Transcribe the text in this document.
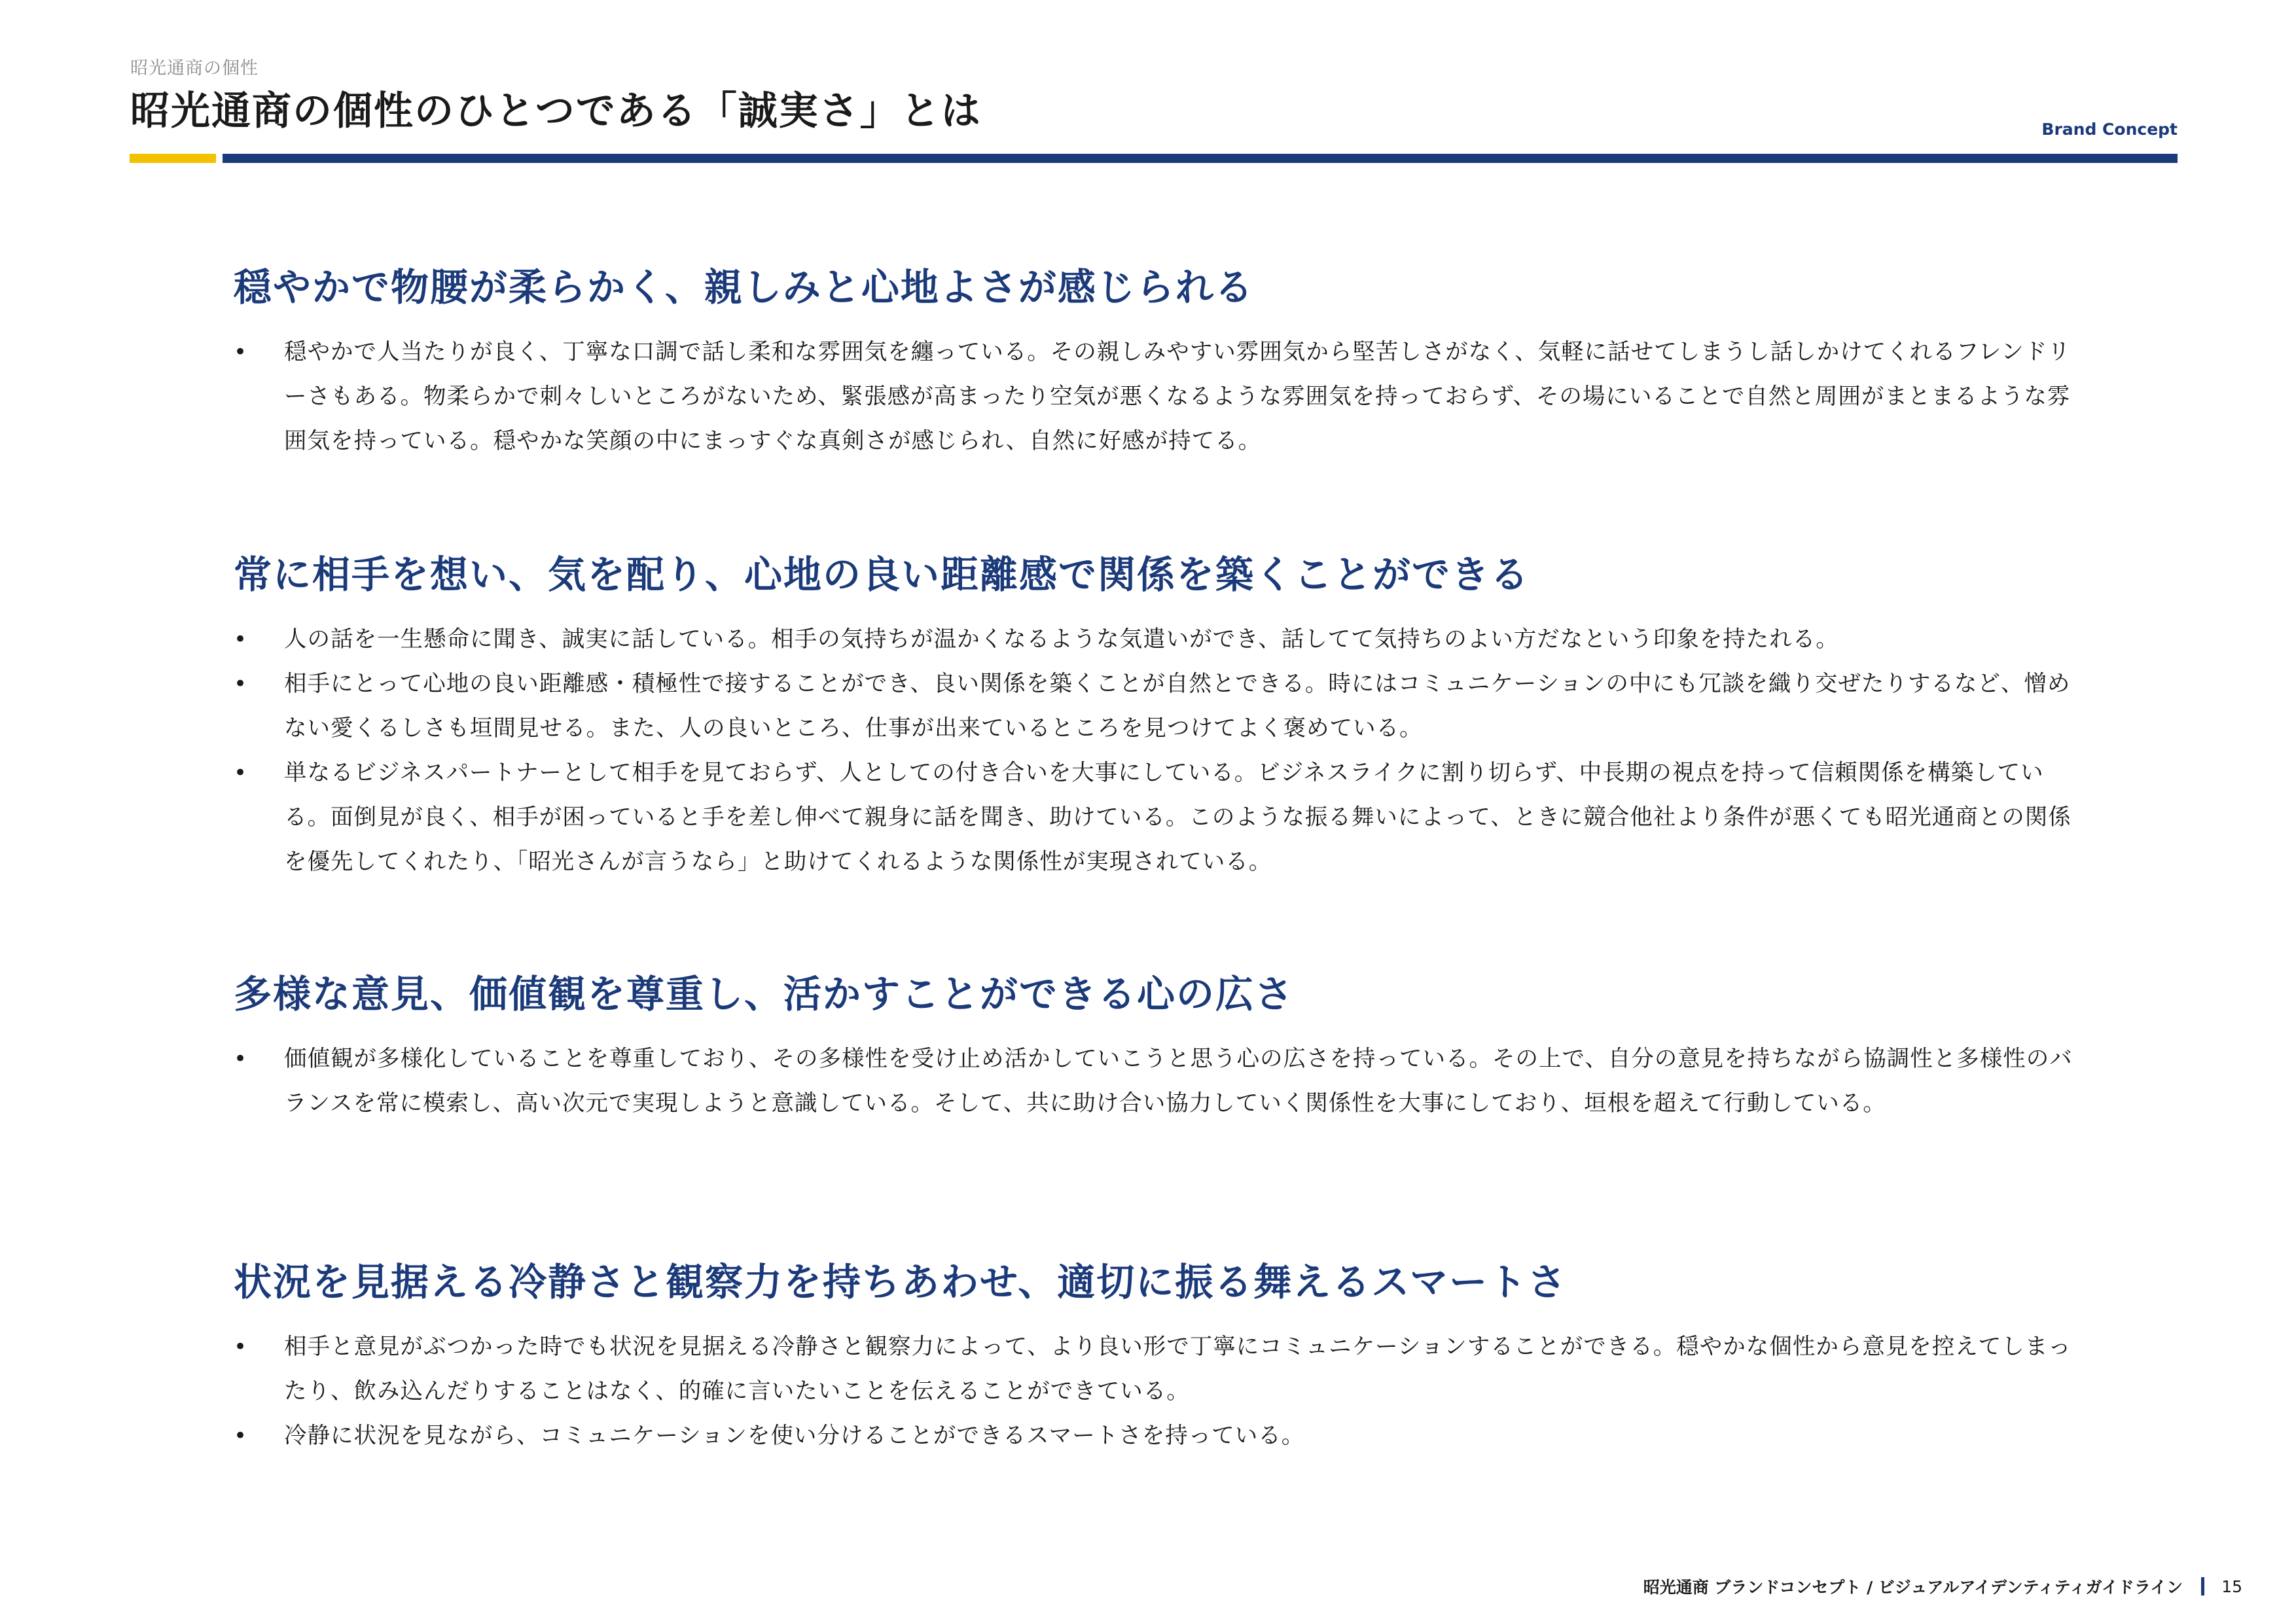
昭光通商の個性
昭光通商の個性のひとつである「誠実さ」とは	Brand Concept
穏やかで物腰が柔らかく、親しみと心地よさが感じられる
• 穏やかで人当たりが良く、丁寧な口調で話し柔和な雰囲気を纏っている。その親しみやすい雰囲気から堅苦しさがなく、気軽に話せてしまうし話しかけてくれるフレンドリーさもある。物柔らかで刺々しいところがないため、緊張感が高まったり空気が悪くなるような雰囲気を持っておらず、その場にいることで自然と周囲がまとまるような雰囲気を持っている。穏やかな笑顔の中にまっすぐな真剣さが感じられ、自然に好感が持てる。
常に相手を想い、気を配り、心地の良い距離感で関係を築くことができる
• 人の話を一生懸命に聞き、誠実に話している。相手の気持ちが温かくなるような気遣いができ、話してて気持ちのよい方だなという印象を持たれる。
• 相手にとって心地の良い距離感・積極性で接することができ、良い関係を築くことが自然とできる。時にはコミュニケーションの中にも冗談を織り交ぜたりするなど、憎めない愛くるしさも垣間見せる。また、人の良いところ、仕事が出来ているところを見つけてよく褒めている。
• 単なるビジネスパートナーとして相手を見ておらず、人としての付き合いを大事にしている。ビジネスライクに割り切らず、中長期の視点を持って信頼関係を構築している。面倒見が良く、相手が困っていると手を差し伸べて親身に話を聞き、助けている。このような振る舞いによって、ときに競合他社より条件が悪くても昭光通商との関係を優先してくれたり、「昭光さんが言うなら」と助けてくれるような関係性が実現されている。
多様な意見、価値観を尊重し、活かすことができる心の広さ
• 価値観が多様化していることを尊重しており、その多様性を受け止め活かしていこうと思う心の広さを持っている。その上で、自分の意見を持ちながら協調性と多様性のバランスを常に模索し、高い次元で実現しようと意識している。そして、共に助け合い協力していく関係性を大事にしており、垣根を超えて行動している。
状況を見据える冷静さと観察力を持ちあわせ、適切に振る舞えるスマートさ
• 相手と意見がぶつかった時でも状況を見据える冷静さと観察力によって、より良い形で丁寧にコミュニケーションすることができる。穏やかな個性から意見を控えてしまったり、飲み込んだりすることはなく、的確に言いたいことを伝えることができている。
• 冷静に状況を見ながら、コミュニケーションを使い分けることができるスマートさを持っている。
昭光通商 ブランドコンセプト / ビジュアルアイデンティティガイドライン 15
